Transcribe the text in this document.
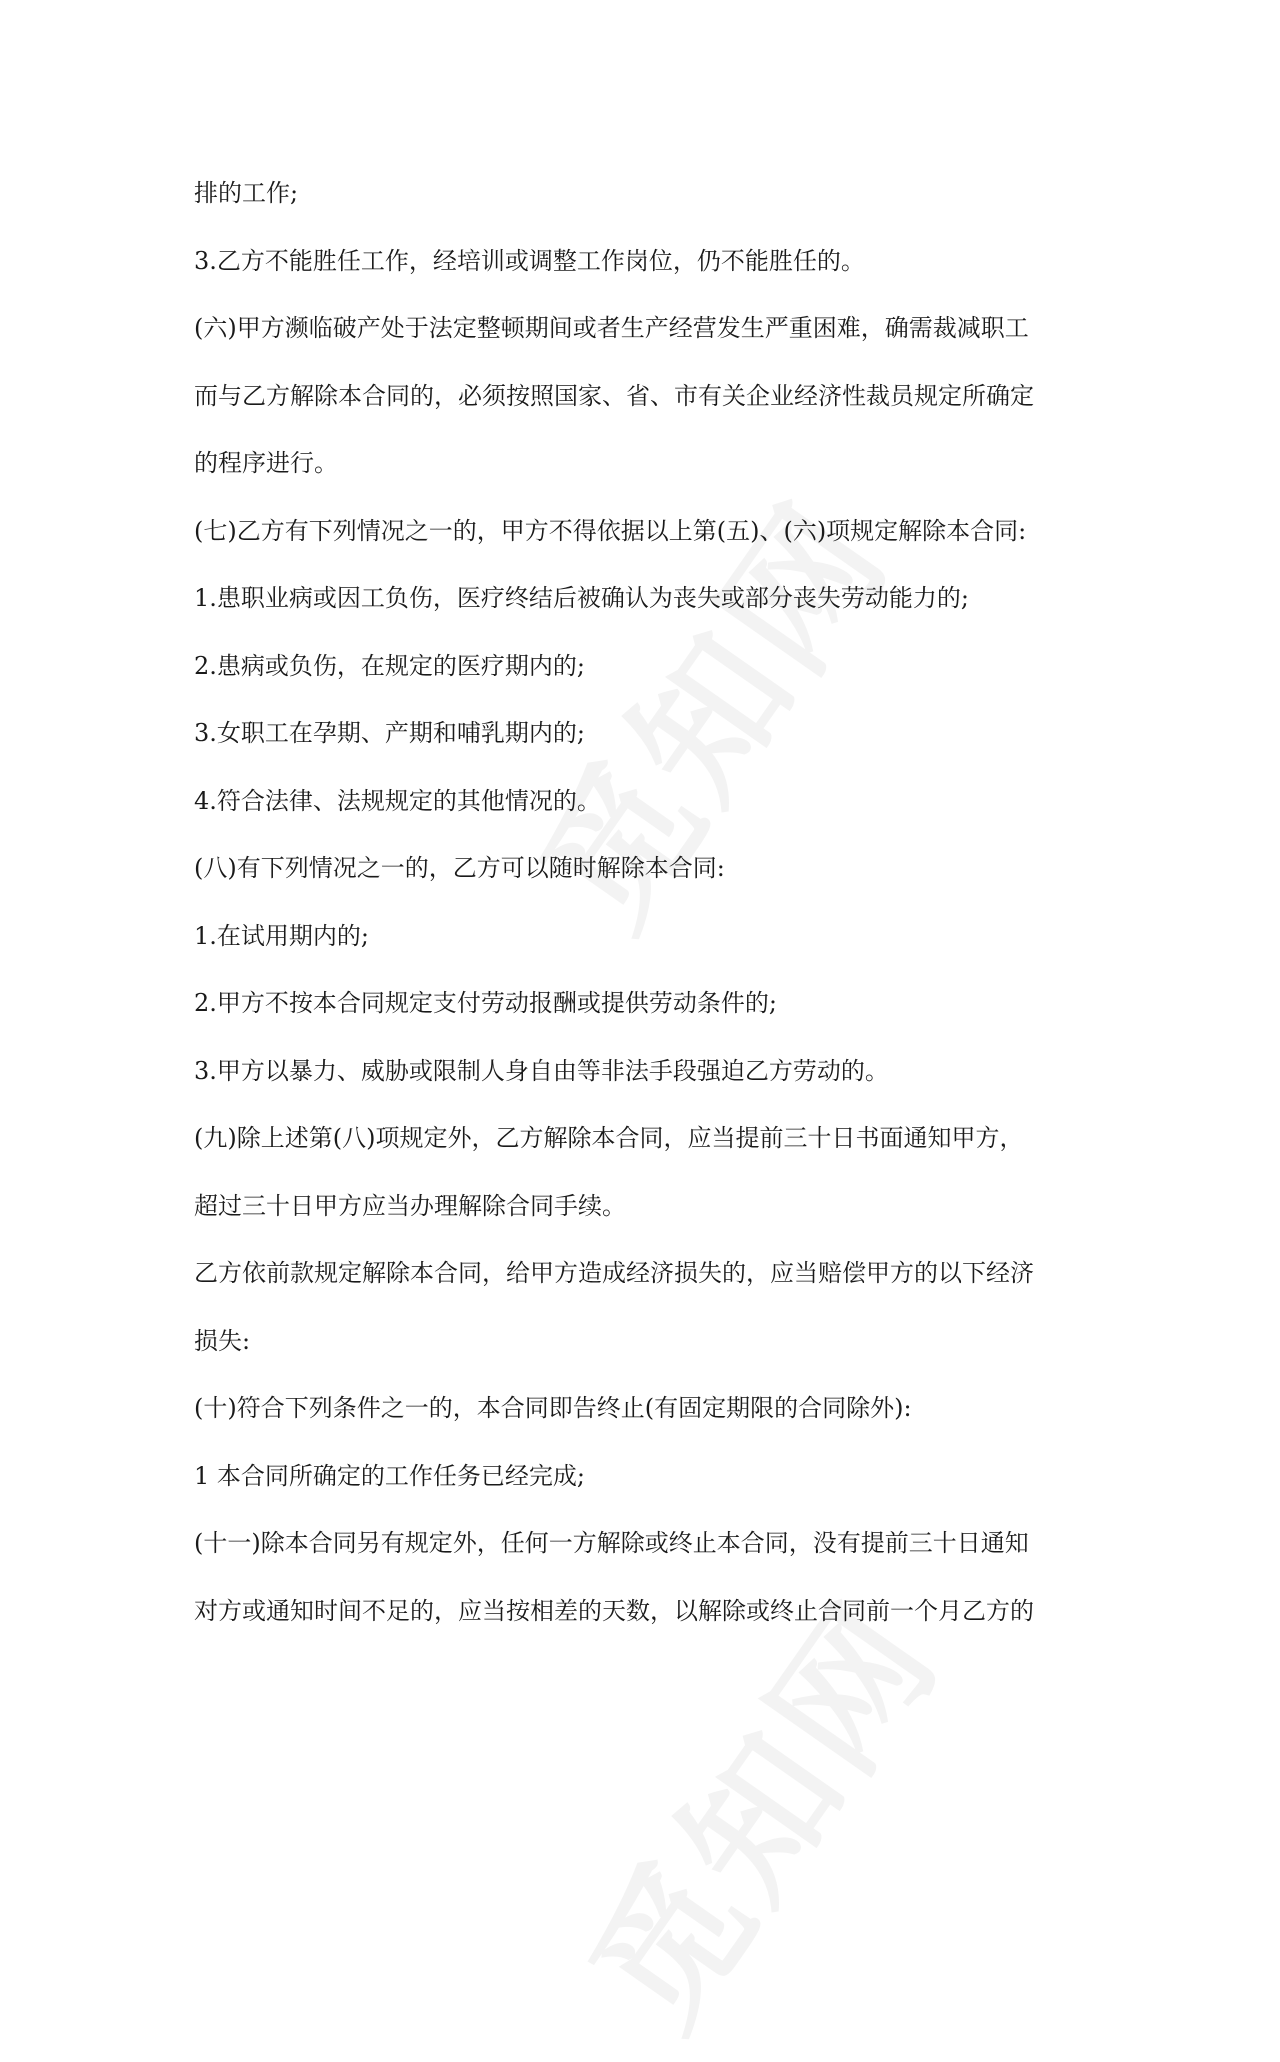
排的工作;
3.乙方不能胜任工作，经培训或调整工作岗位，仍不能胜任的。
(六)甲方濒临破产处于法定整顿期间或者生产经营发生严重困难，确需裁减职工
而与乙方解除本合同的，必须按照国家、省、市有关企业经济性裁员规定所确定
的程序进行。
(七)乙方有下列情况之一的，甲方不得依据以上第(五)、(六)项规定解除本合同:
1.患职业病或因工负伤，医疗终结后被确认为丧失或部分丧失劳动能力的;
2.患病或负伤，在规定的医疗期内的;
3.女职工在孕期、产期和哺乳期内的;
4.符合法律、法规规定的其他情况的。
(八)有下列情况之一的，乙方可以随时解除本合同:
1.在试用期内的;
2.甲方不按本合同规定支付劳动报酬或提供劳动条件的;
3.甲方以暴力、威胁或限制人身自由等非法手段强迫乙方劳动的。
(九)除上述第(八)项规定外，乙方解除本合同，应当提前三十日书面通知甲方，
超过三十日甲方应当办理解除合同手续。
乙方依前款规定解除本合同，给甲方造成经济损失的，应当赔偿甲方的以下经济
损失:
(十)符合下列条件之一的，本合同即告终止(有固定期限的合同除外):
1 本合同所确定的工作任务已经完成;
(十一)除本合同另有规定外，任何一方解除或终止本合同，没有提前三十日通知
对方或通知时间不足的，应当按相差的天数，以解除或终止合同前一个月乙方的
